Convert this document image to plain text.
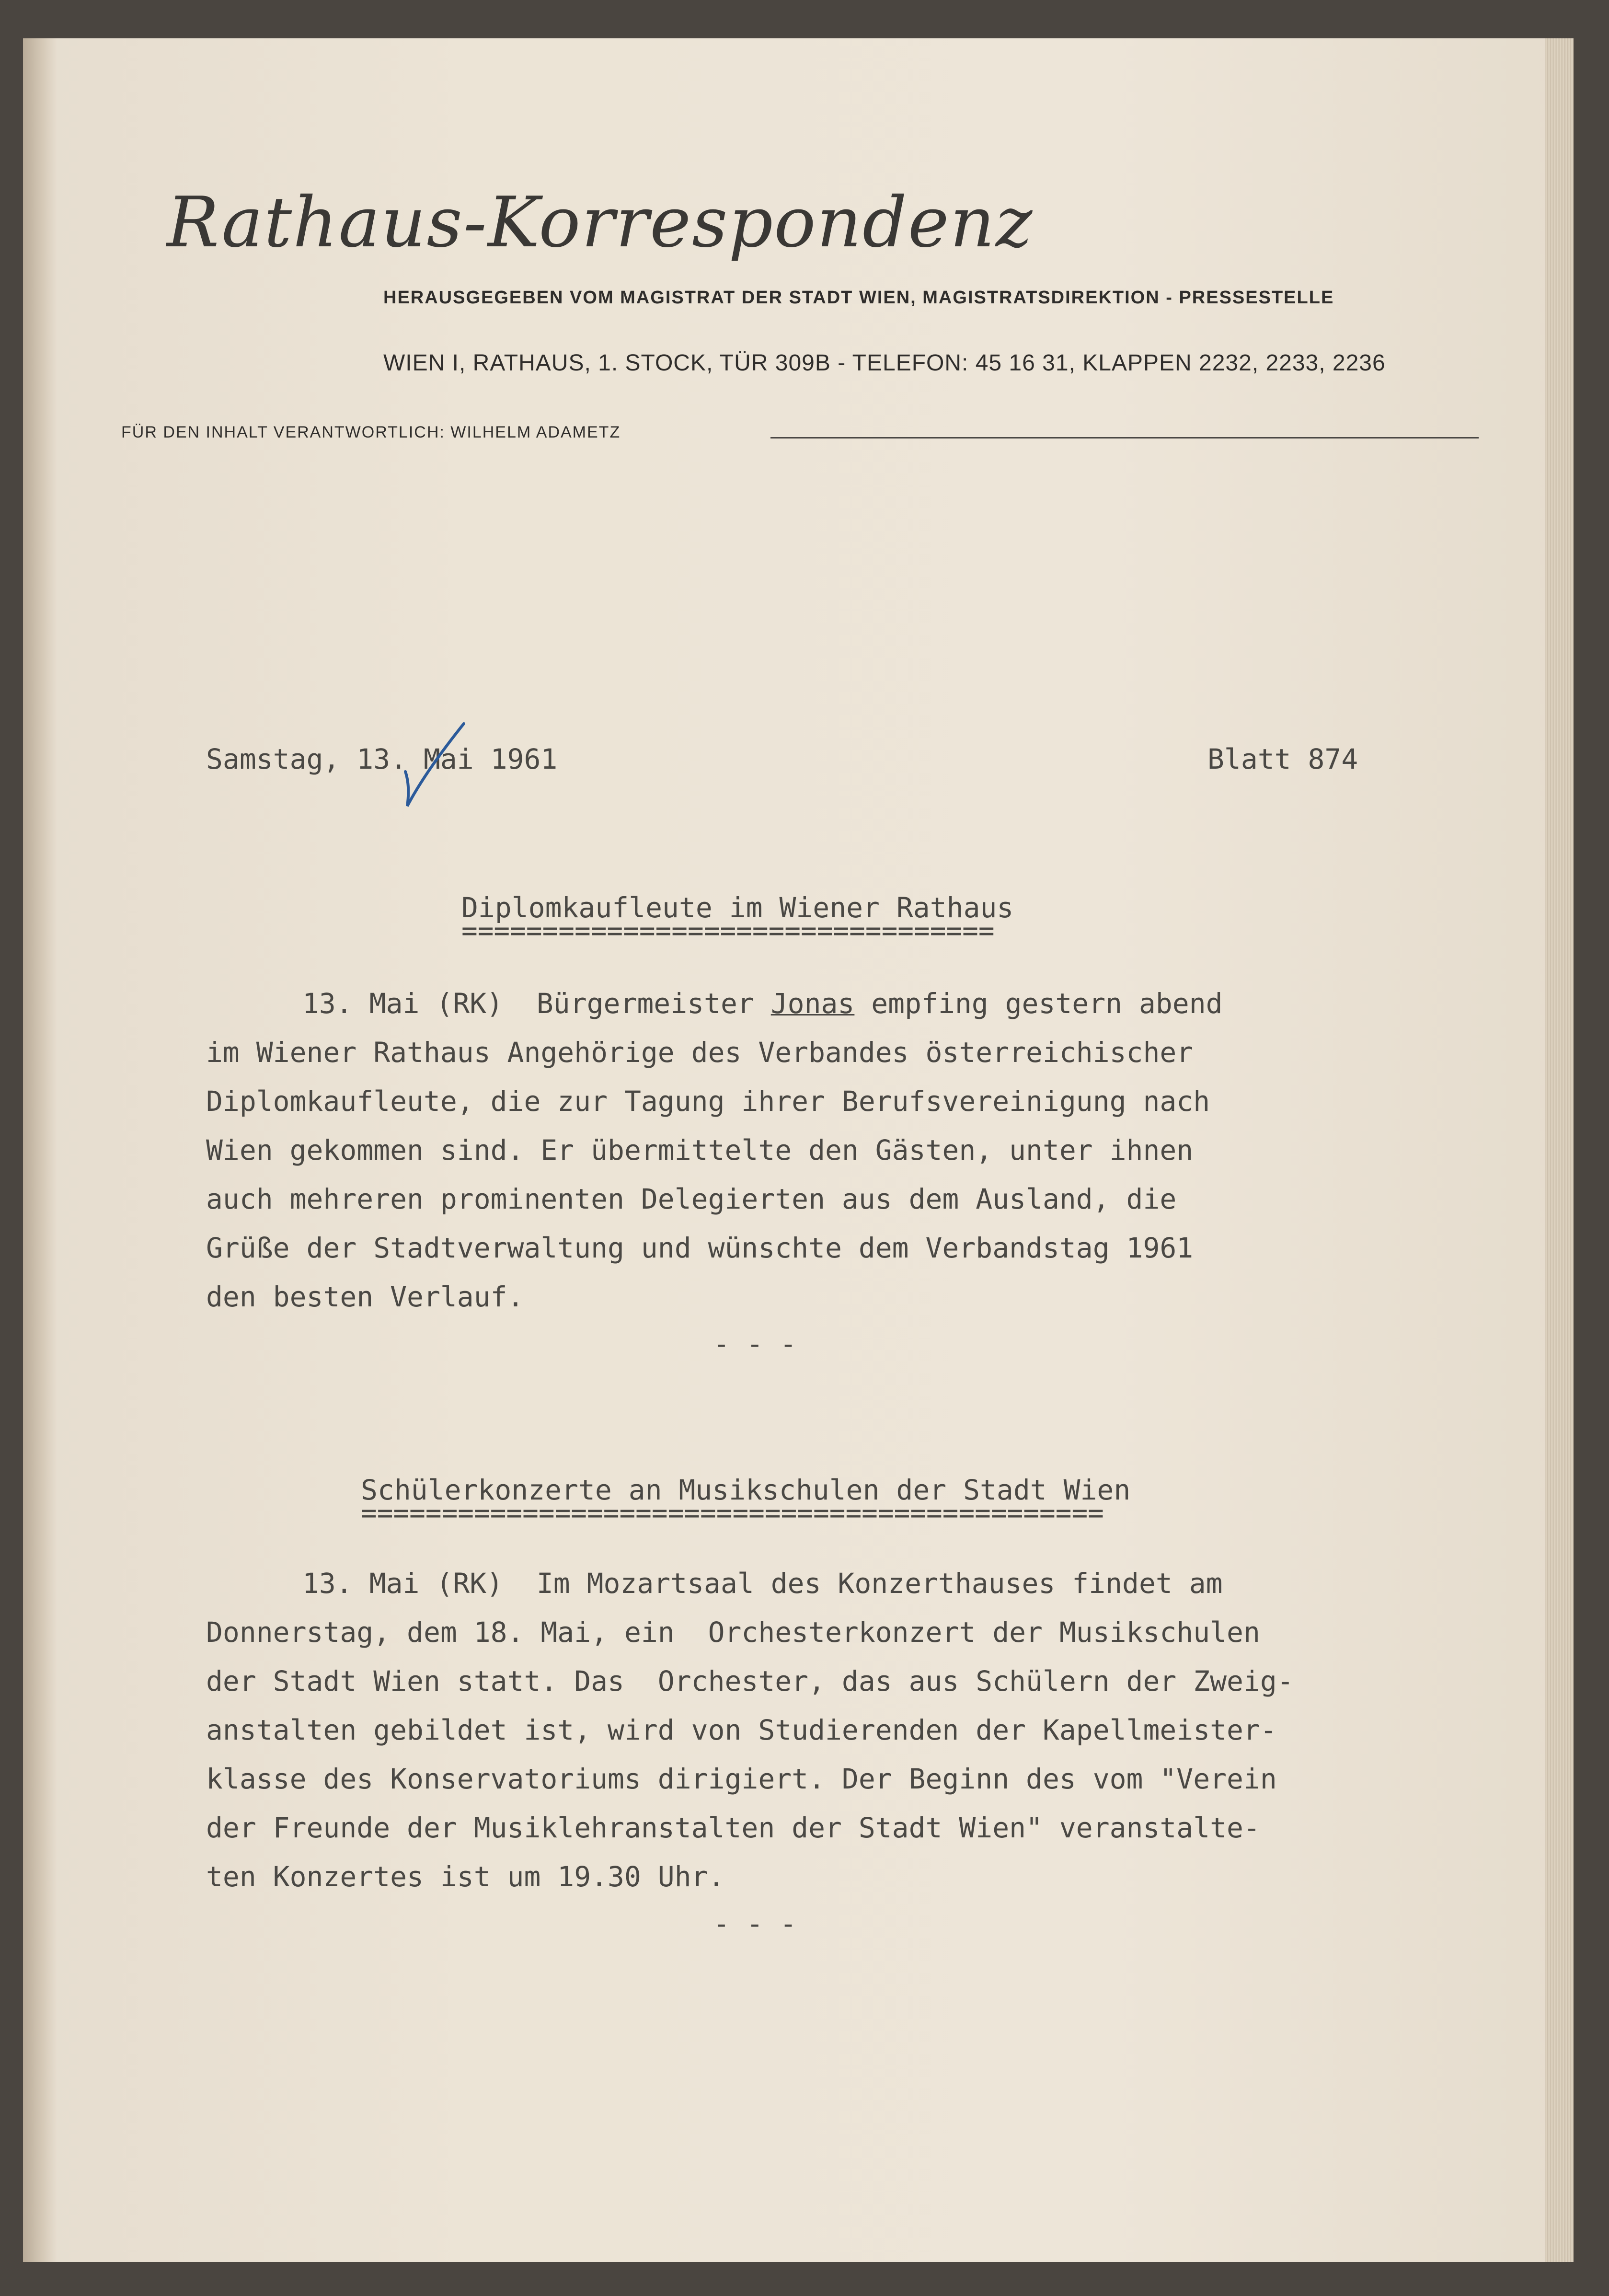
Rathaus-Korrespondenz
HERAUSGEGEBEN VOM MAGISTRAT DER STADT WIEN, MAGISTRATSDIREKTION - PRESSESTELLE
WIEN I, RATHAUS, 1. STOCK, TÜR 309B - TELEFON: 45 16 31, KLAPPEN 2232, 2233, 2236
FÜR DEN INHALT VERANTWORTLICH: WILHELM ADAMETZ
Samstag, 13. Mai 1961	Blatt 874
Diplomkaufleute im Wiener Rathaus
=================================
13. Mai (RK)  Bürgermeister Jonas empfing gestern abend
im Wiener Rathaus Angehörige des Verbandes österreichischer
Diplomkaufleute, die zur Tagung ihrer Berufsvereinigung nach
Wien gekommen sind. Er übermittelte den Gästen, unter ihnen
auch mehreren prominenten Delegierten aus dem Ausland, die
Grüße der Stadtverwaltung und wünschte dem Verbandstag 1961
den besten Verlauf.
- - -
Schülerkonzerte an Musikschulen der Stadt Wien
==============================================
13. Mai (RK)  Im Mozartsaal des Konzerthauses findet am
Donnerstag, dem 18. Mai, ein  Orchesterkonzert der Musikschulen
der Stadt Wien statt. Das  Orchester, das aus Schülern der Zweig-
anstalten gebildet ist, wird von Studierenden der Kapellmeister-
klasse des Konservatoriums dirigiert. Der Beginn des vom "Verein
der Freunde der Musiklehranstalten der Stadt Wien" veranstalte-
ten Konzertes ist um 19.30 Uhr.
- - -
